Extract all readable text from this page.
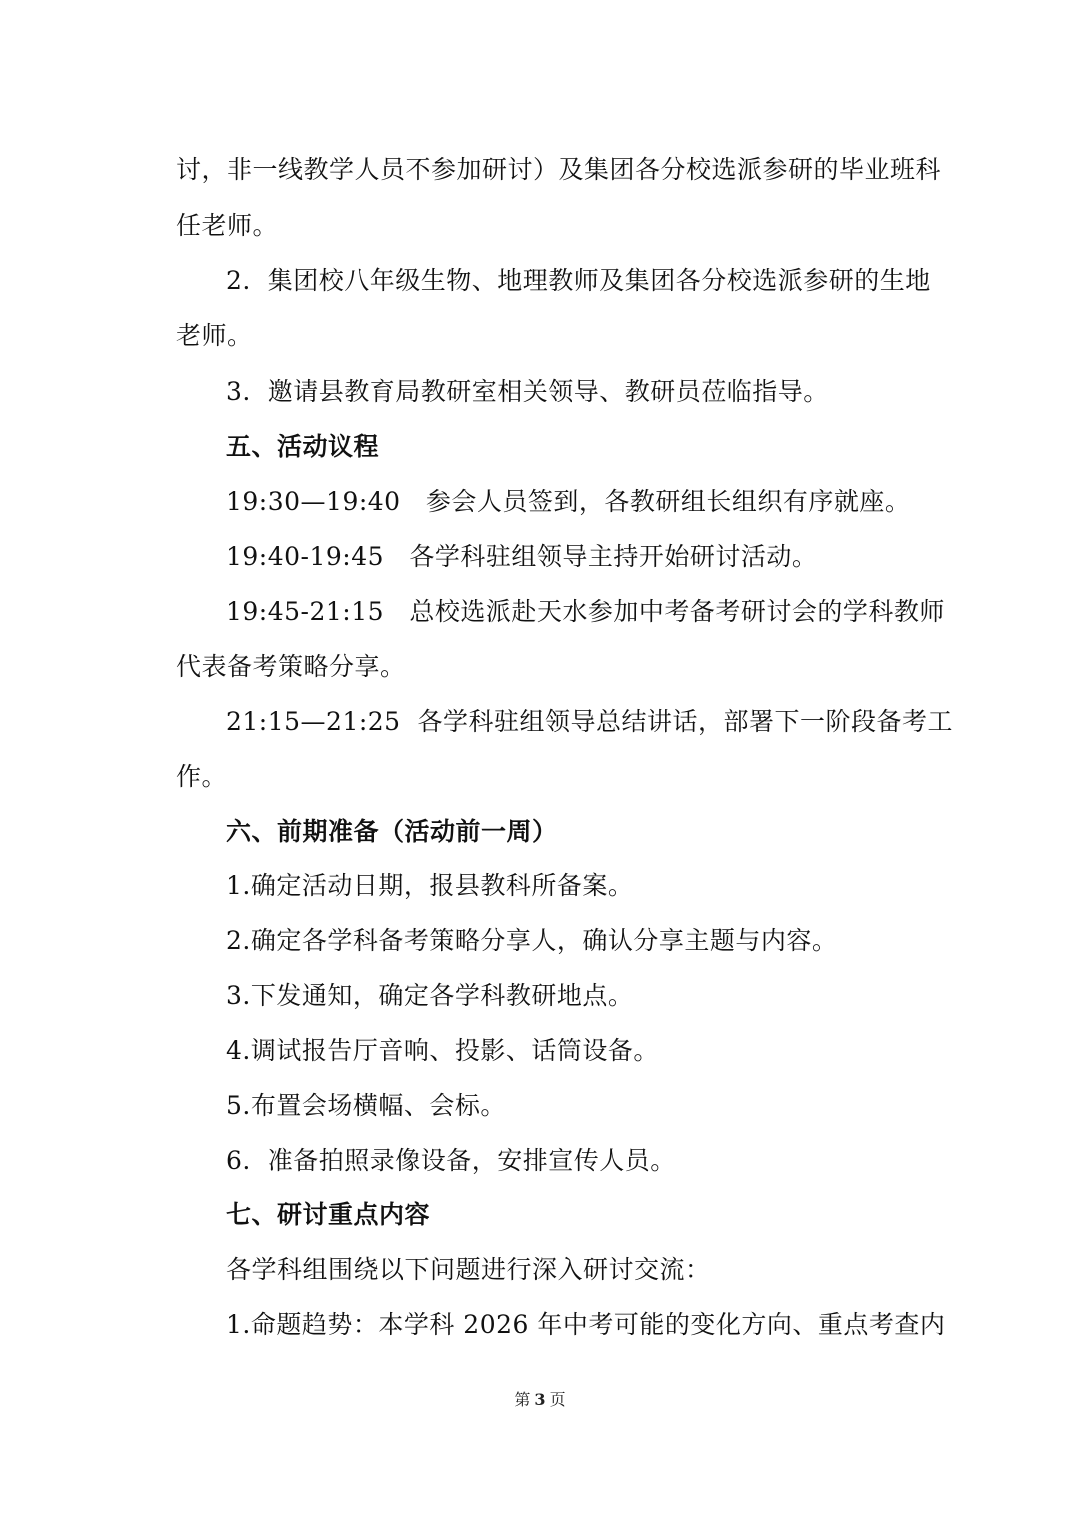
讨，非一线教学人员不参加研讨）及集团各分校选派参研的毕业班科
任老师。
2.  集团校八年级生物、地理教师及集团各分校选派参研的生地
老师。
3.  邀请县教育局教研室相关领导、教研员莅临指导。
五、活动议程
19:30—19:40   参会人员签到，各教研组长组织有序就座。
19:40-19:45   各学科驻组领导主持开始研讨活动。
19:45-21:15   总校选派赴天水参加中考备考研讨会的学科教师
代表备考策略分享。
21:15—21:25  各学科驻组领导总结讲话，部署下一阶段备考工
作。
六、前期准备（活动前一周）
1.确定活动日期，报县教科所备案。
2.确定各学科备考策略分享人，确认分享主题与内容。
3.下发通知，确定各学科教研地点。
4.调试报告厅音响、投影、话筒设备。
5.布置会场横幅、会标。
6.  准备拍照录像设备，安排宣传人员。
七、研讨重点内容
各学科组围绕以下问题进行深入研讨交流：
1.命题趋势：本学科 2026 年中考可能的变化方向、重点考查内
第 3 页
